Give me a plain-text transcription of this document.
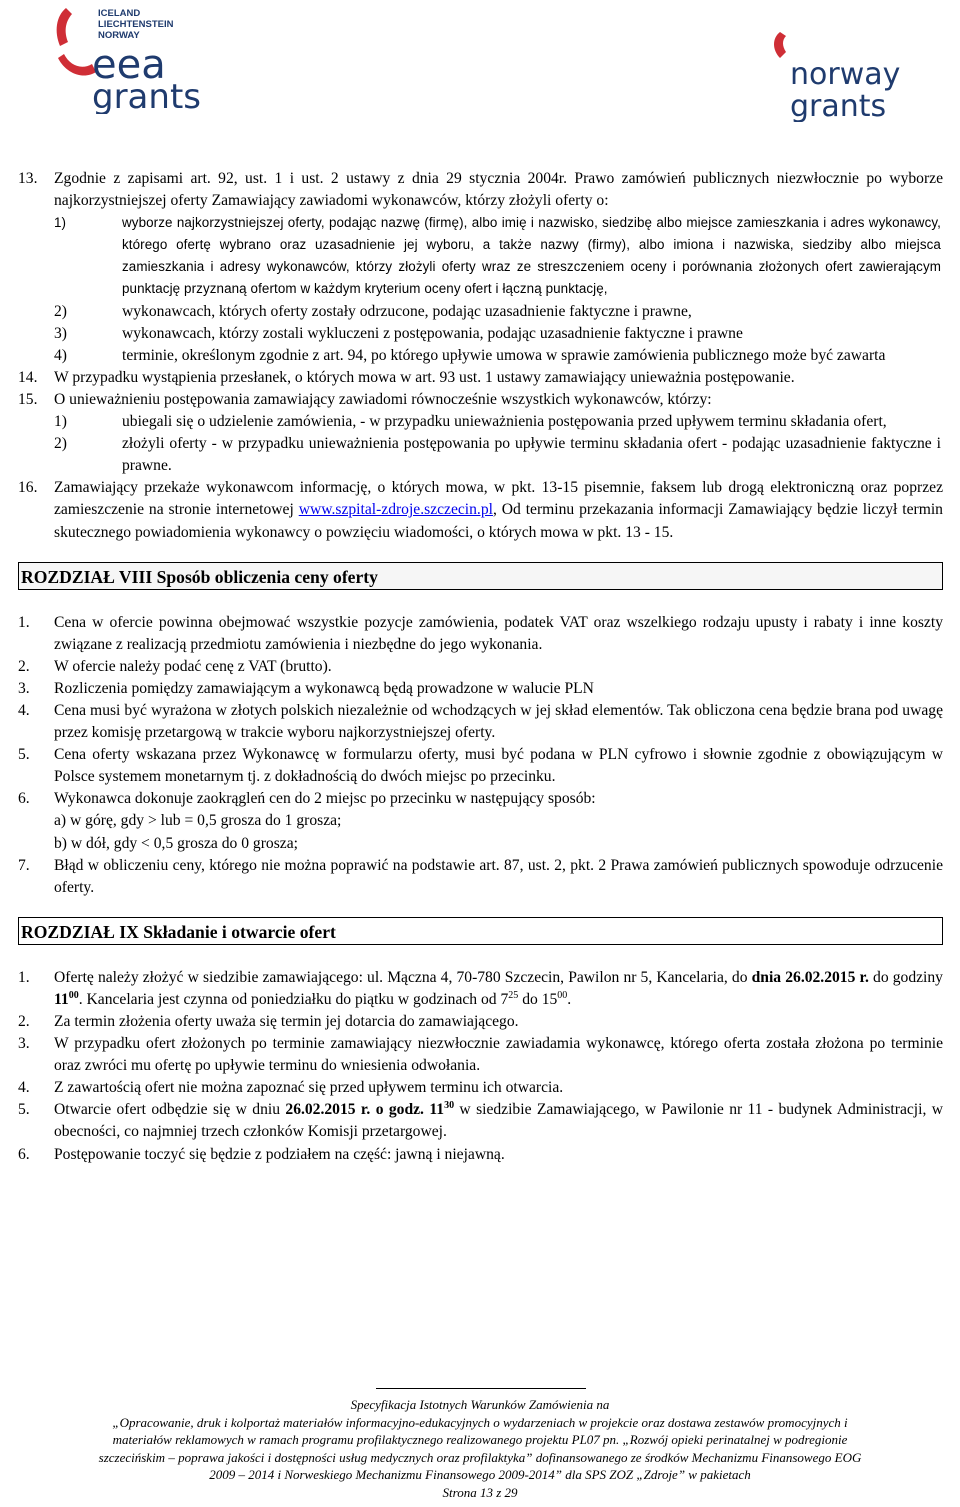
ICELAND
LIECHTENSTEIN
NORWAY
eea
grants
norway
grants
13. Zgodnie z zapisami art. 92, ust. 1 i ust. 2 ustawy z dnia 29 stycznia 2004r. Prawo zamówień publicznych niezwłocznie po wyborze najkorzystniejszej oferty Zamawiający zawiadomi wykonawców, którzy złożyli oferty o:
1)	wyborze najkorzystniejszej oferty, podając nazwę (firmę), albo imię i nazwisko, siedzibę albo miejsce zamieszkania i adres wykonawcy, którego ofertę wybrano oraz uzasadnienie jej wyboru, a także nazwy (firmy), albo imiona i nazwiska, siedziby albo miejsca zamieszkania i adresy wykonawców, którzy złożyli oferty wraz ze streszczeniem oceny i porównania złożonych ofert zawierającym punktację przyznaną ofertom w każdym kryterium oceny ofert i łączną punktację,
2)	wykonawcach, których oferty zostały odrzucone, podając uzasadnienie faktyczne i prawne,
3)	wykonawcach, którzy zostali wykluczeni z postępowania, podając uzasadnienie faktyczne i prawne
4)	terminie, określonym zgodnie z art. 94, po którego upływie umowa w sprawie zamówienia publicznego może być zawarta
14. W przypadku wystąpienia przesłanek, o których mowa w art. 93 ust. 1 ustawy zamawiający unieważnia postępowanie.
15. O unieważnieniu postępowania zamawiający zawiadomi równocześnie wszystkich wykonawców, którzy:
1)	ubiegali się o udzielenie zamówienia, - w przypadku unieważnienia postępowania przed upływem terminu składania ofert,
2)	złożyli oferty - w przypadku unieważnienia postępowania po upływie terminu składania ofert - podając uzasadnienie faktyczne i prawne.
16. Zamawiający przekaże wykonawcom informację, o których mowa, w pkt. 13-15 pisemnie, faksem lub drogą elektroniczną oraz poprzez zamieszczenie na stronie internetowej www.szpital-zdroje.szczecin.pl, Od terminu przekazania informacji Zamawiający będzie liczył termin skutecznego powiadomienia wykonawcy o powzięciu wiadomości, o których mowa w pkt. 13 - 15.
ROZDZIAŁ VIII Sposób obliczenia ceny oferty
1. Cena w ofercie powinna obejmować wszystkie pozycje zamówienia, podatek VAT oraz wszelkiego rodzaju upusty i rabaty i inne koszty związane z realizacją przedmiotu zamówienia i niezbędne do jego wykonania.
2. W ofercie należy podać cenę z VAT (brutto).
3. Rozliczenia pomiędzy zamawiającym a wykonawcą będą prowadzone w walucie PLN
4. Cena musi być wyrażona w złotych polskich niezależnie od wchodzących w jej skład elementów. Tak obliczona cena będzie brana pod uwagę przez komisję przetargową w trakcie wyboru najkorzystniejszej oferty.
5. Cena oferty wskazana przez Wykonawcę w formularzu oferty, musi być podana w PLN cyfrowo i słownie zgodnie z obowiązującym w Polsce systemem monetarnym tj. z dokładnością do dwóch miejsc po przecinku.
6. Wykonawca dokonuje zaokrągleń cen do 2 miejsc po przecinku w następujący sposób:
a) w górę, gdy > lub = 0,5 grosza do 1 grosza;
b) w dół, gdy < 0,5 grosza do 0 grosza;
7. Błąd w obliczeniu ceny, którego nie można poprawić na podstawie art. 87, ust. 2, pkt. 2 Prawa zamówień publicznych spowoduje odrzucenie oferty.
ROZDZIAŁ IX Składanie i otwarcie ofert
1. Ofertę należy złożyć w siedzibie zamawiającego: ul. Mączna 4, 70-780 Szczecin, Pawilon nr 5, Kancelaria, do dnia 26.02.2015 r. do godziny $11^{00}$. Kancelaria jest czynna od poniedziałku do piątku w godzinach od $7^{25}$ do $15^{00}$.
2. Za termin złożenia oferty uważa się termin jej dotarcia do zamawiającego.
3. W przypadku ofert złożonych po terminie zamawiający niezwłocznie zawiadamia wykonawcę, którego oferta została złożona po terminie oraz zwróci mu ofertę po upływie terminu do wniesienia odwołania.
4. Z zawartością ofert nie można zapoznać się przed upływem terminu ich otwarcia.
5. Otwarcie ofert odbędzie się w dniu 26.02.2015 r. o godz. $11^{30}$ w siedzibie Zamawiającego, w Pawilonie nr 11 - budynek Administracji, w obecności, co najmniej trzech członków Komisji przetargowej.
6. Postępowanie toczyć się będzie z podziałem na część: jawną i niejawną.
Specyfikacja Istotnych Warunków Zamówienia na
„Opracowanie, druk i kolportaż materiałów informacyjno-edukacyjnych o wydarzeniach w projekcie oraz dostawa zestawów promocyjnych i
materiałów reklamowych w ramach programu profilaktycznego realizowanego projektu PL07 pn. „Rozwój opieki perinatalnej w podregionie
szczecińskim – poprawa jakości i dostępności usług medycznych oraz profilaktyka” dofinansowanego ze środków Mechanizmu Finansowego EOG
2009 – 2014 i Norweskiego Mechanizmu Finansowego 2009-2014” dla SPS ZOZ „Zdroje” w pakietach
Strona 13 z 29
